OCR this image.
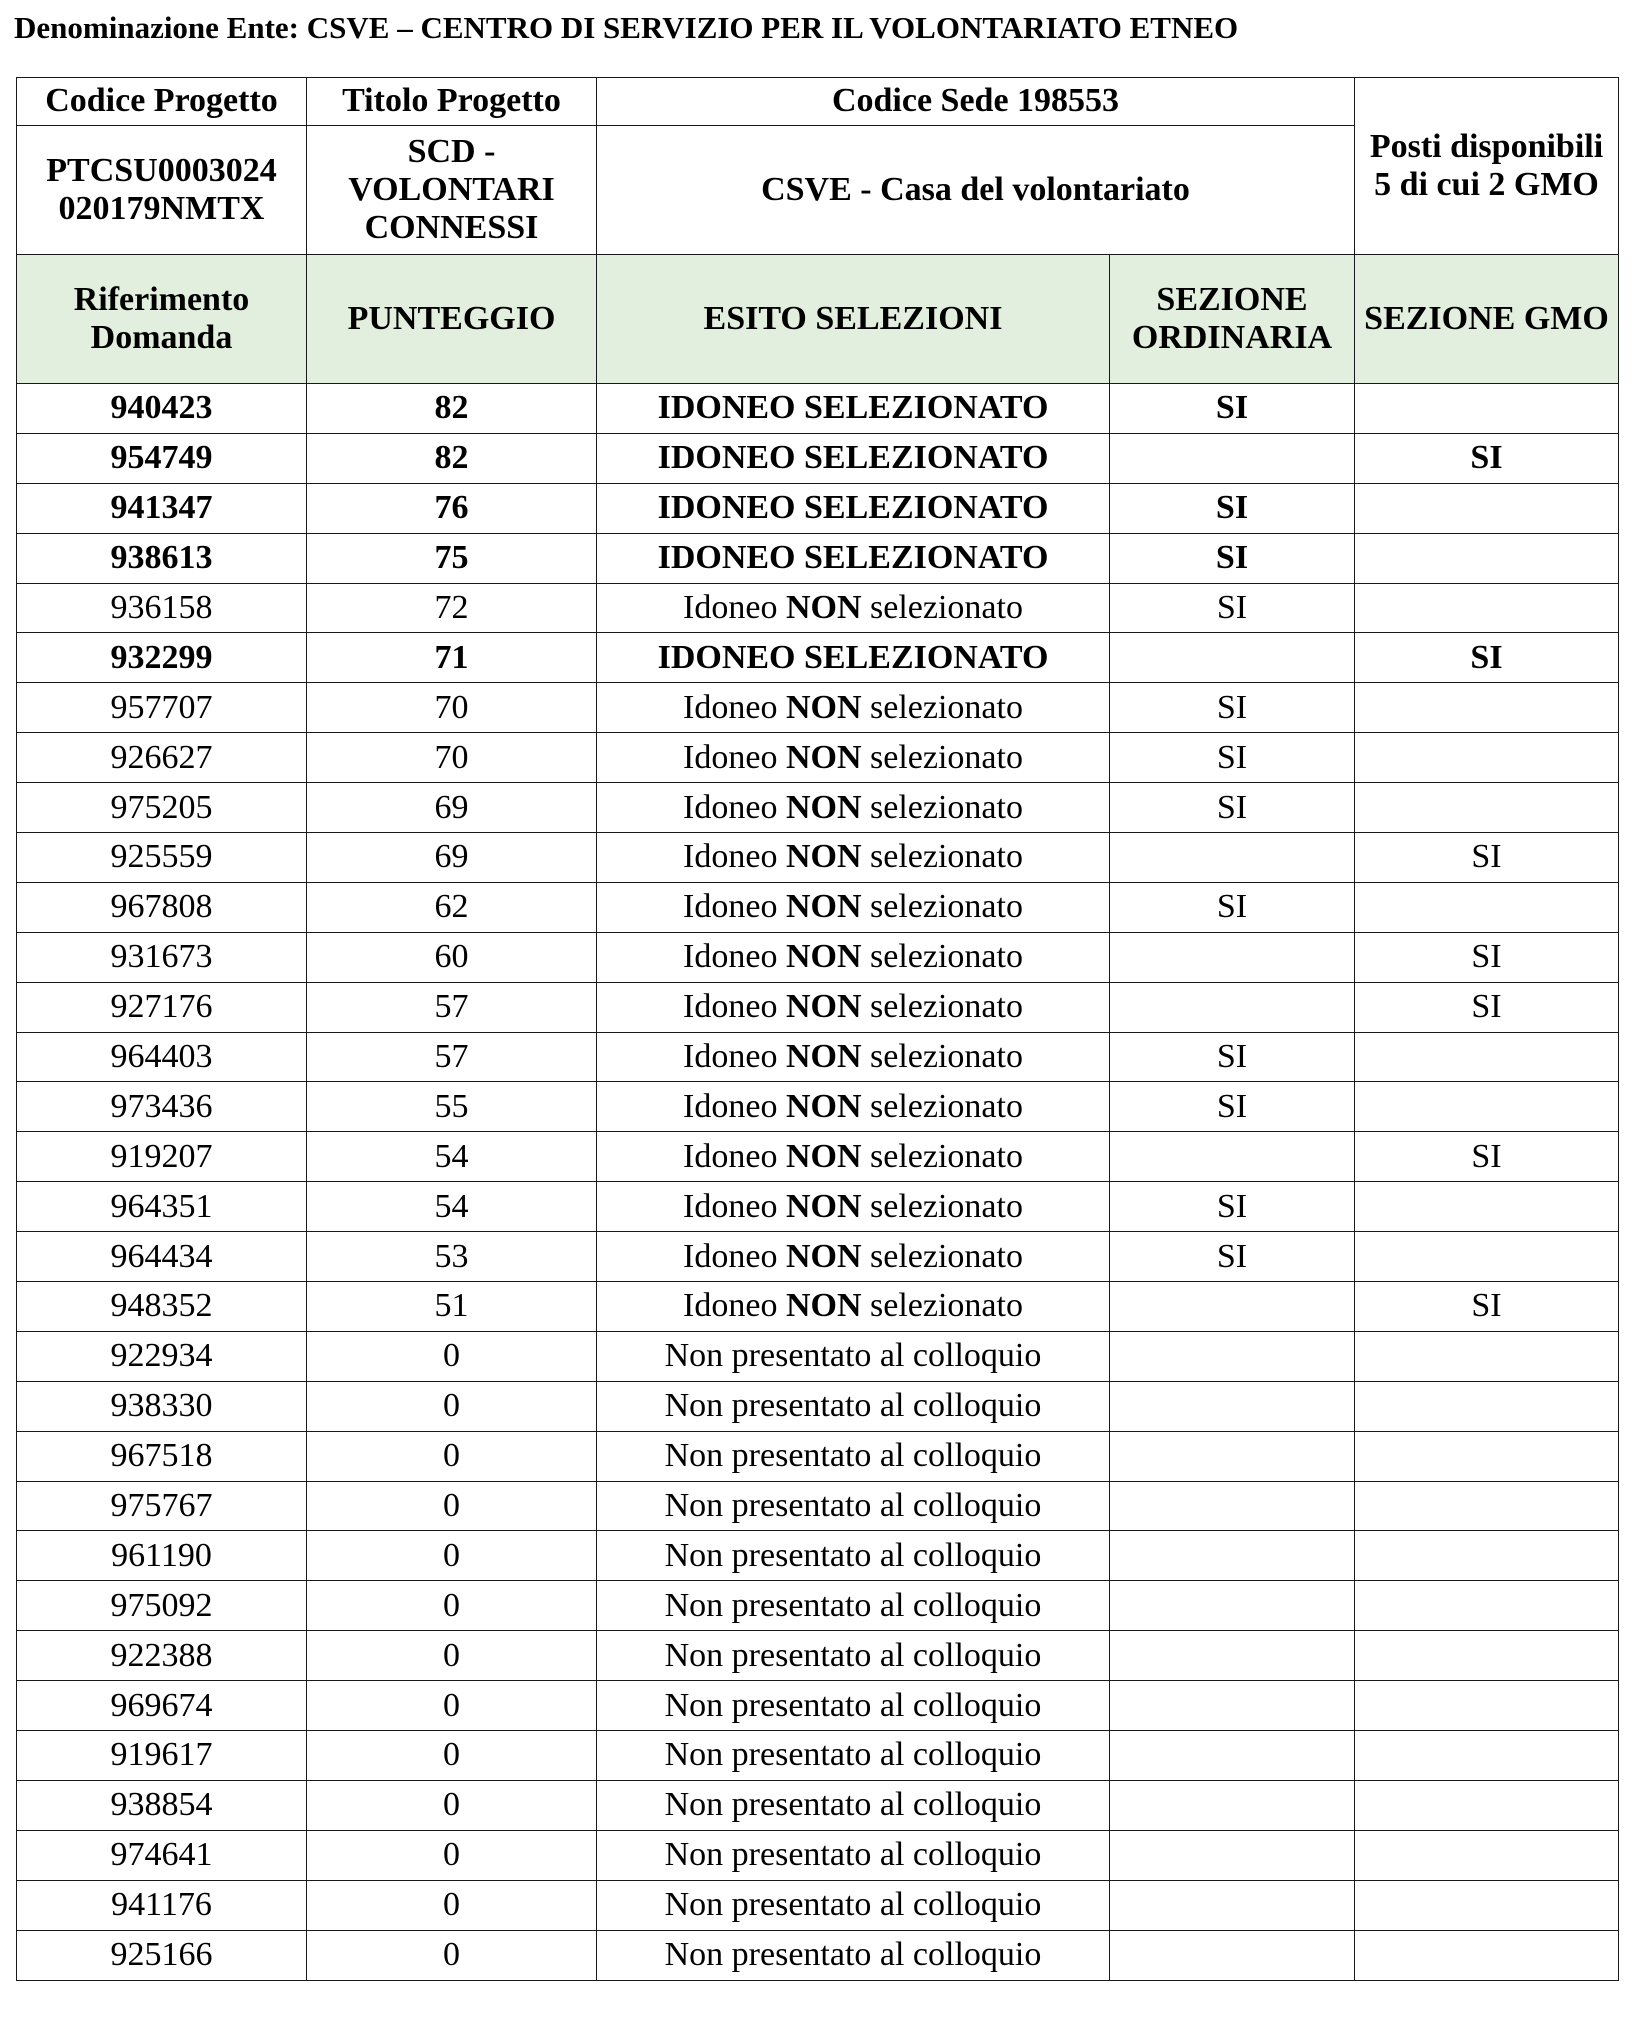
Denominazione Ente: CSVE – CENTRO DI SERVIZIO PER IL VOLONTARIATO ETNEO
Codice Progetto	Titolo Progetto	Codice Sede 198553		Posti disponibili 5 di cui 2 GMO
PTCSU0003024 020179NMTX	SCD - VOLONTARI CONNESSI	CSVE - Casa del volontariato		
Riferimento Domanda	PUNTEGGIO	ESITO SELEZIONI	SEZIONE ORDINARIA	SEZIONE GMO
940423	82	IDONEO SELEZIONATO	SI	
954749	82	IDONEO SELEZIONATO		SI
941347	76	IDONEO SELEZIONATO	SI	
938613	75	IDONEO SELEZIONATO	SI	
936158	72	Idoneo NON selezionato	SI	
932299	71	IDONEO SELEZIONATO		SI
957707	70	Idoneo NON selezionato	SI	
926627	70	Idoneo NON selezionato	SI	
975205	69	Idoneo NON selezionato	SI	
925559	69	Idoneo NON selezionato		SI
967808	62	Idoneo NON selezionato	SI	
931673	60	Idoneo NON selezionato		SI
927176	57	Idoneo NON selezionato		SI
964403	57	Idoneo NON selezionato	SI	
973436	55	Idoneo NON selezionato	SI	
919207	54	Idoneo NON selezionato		SI
964351	54	Idoneo NON selezionato	SI	
964434	53	Idoneo NON selezionato	SI	
948352	51	Idoneo NON selezionato		SI
922934	0	Non presentato al colloquio		
938330	0	Non presentato al colloquio		
967518	0	Non presentato al colloquio		
975767	0	Non presentato al colloquio		
961190	0	Non presentato al colloquio		
975092	0	Non presentato al colloquio		
922388	0	Non presentato al colloquio		
969674	0	Non presentato al colloquio		
919617	0	Non presentato al colloquio		
938854	0	Non presentato al colloquio		
974641	0	Non presentato al colloquio		
941176	0	Non presentato al colloquio		
925166	0	Non presentato al colloquio		
